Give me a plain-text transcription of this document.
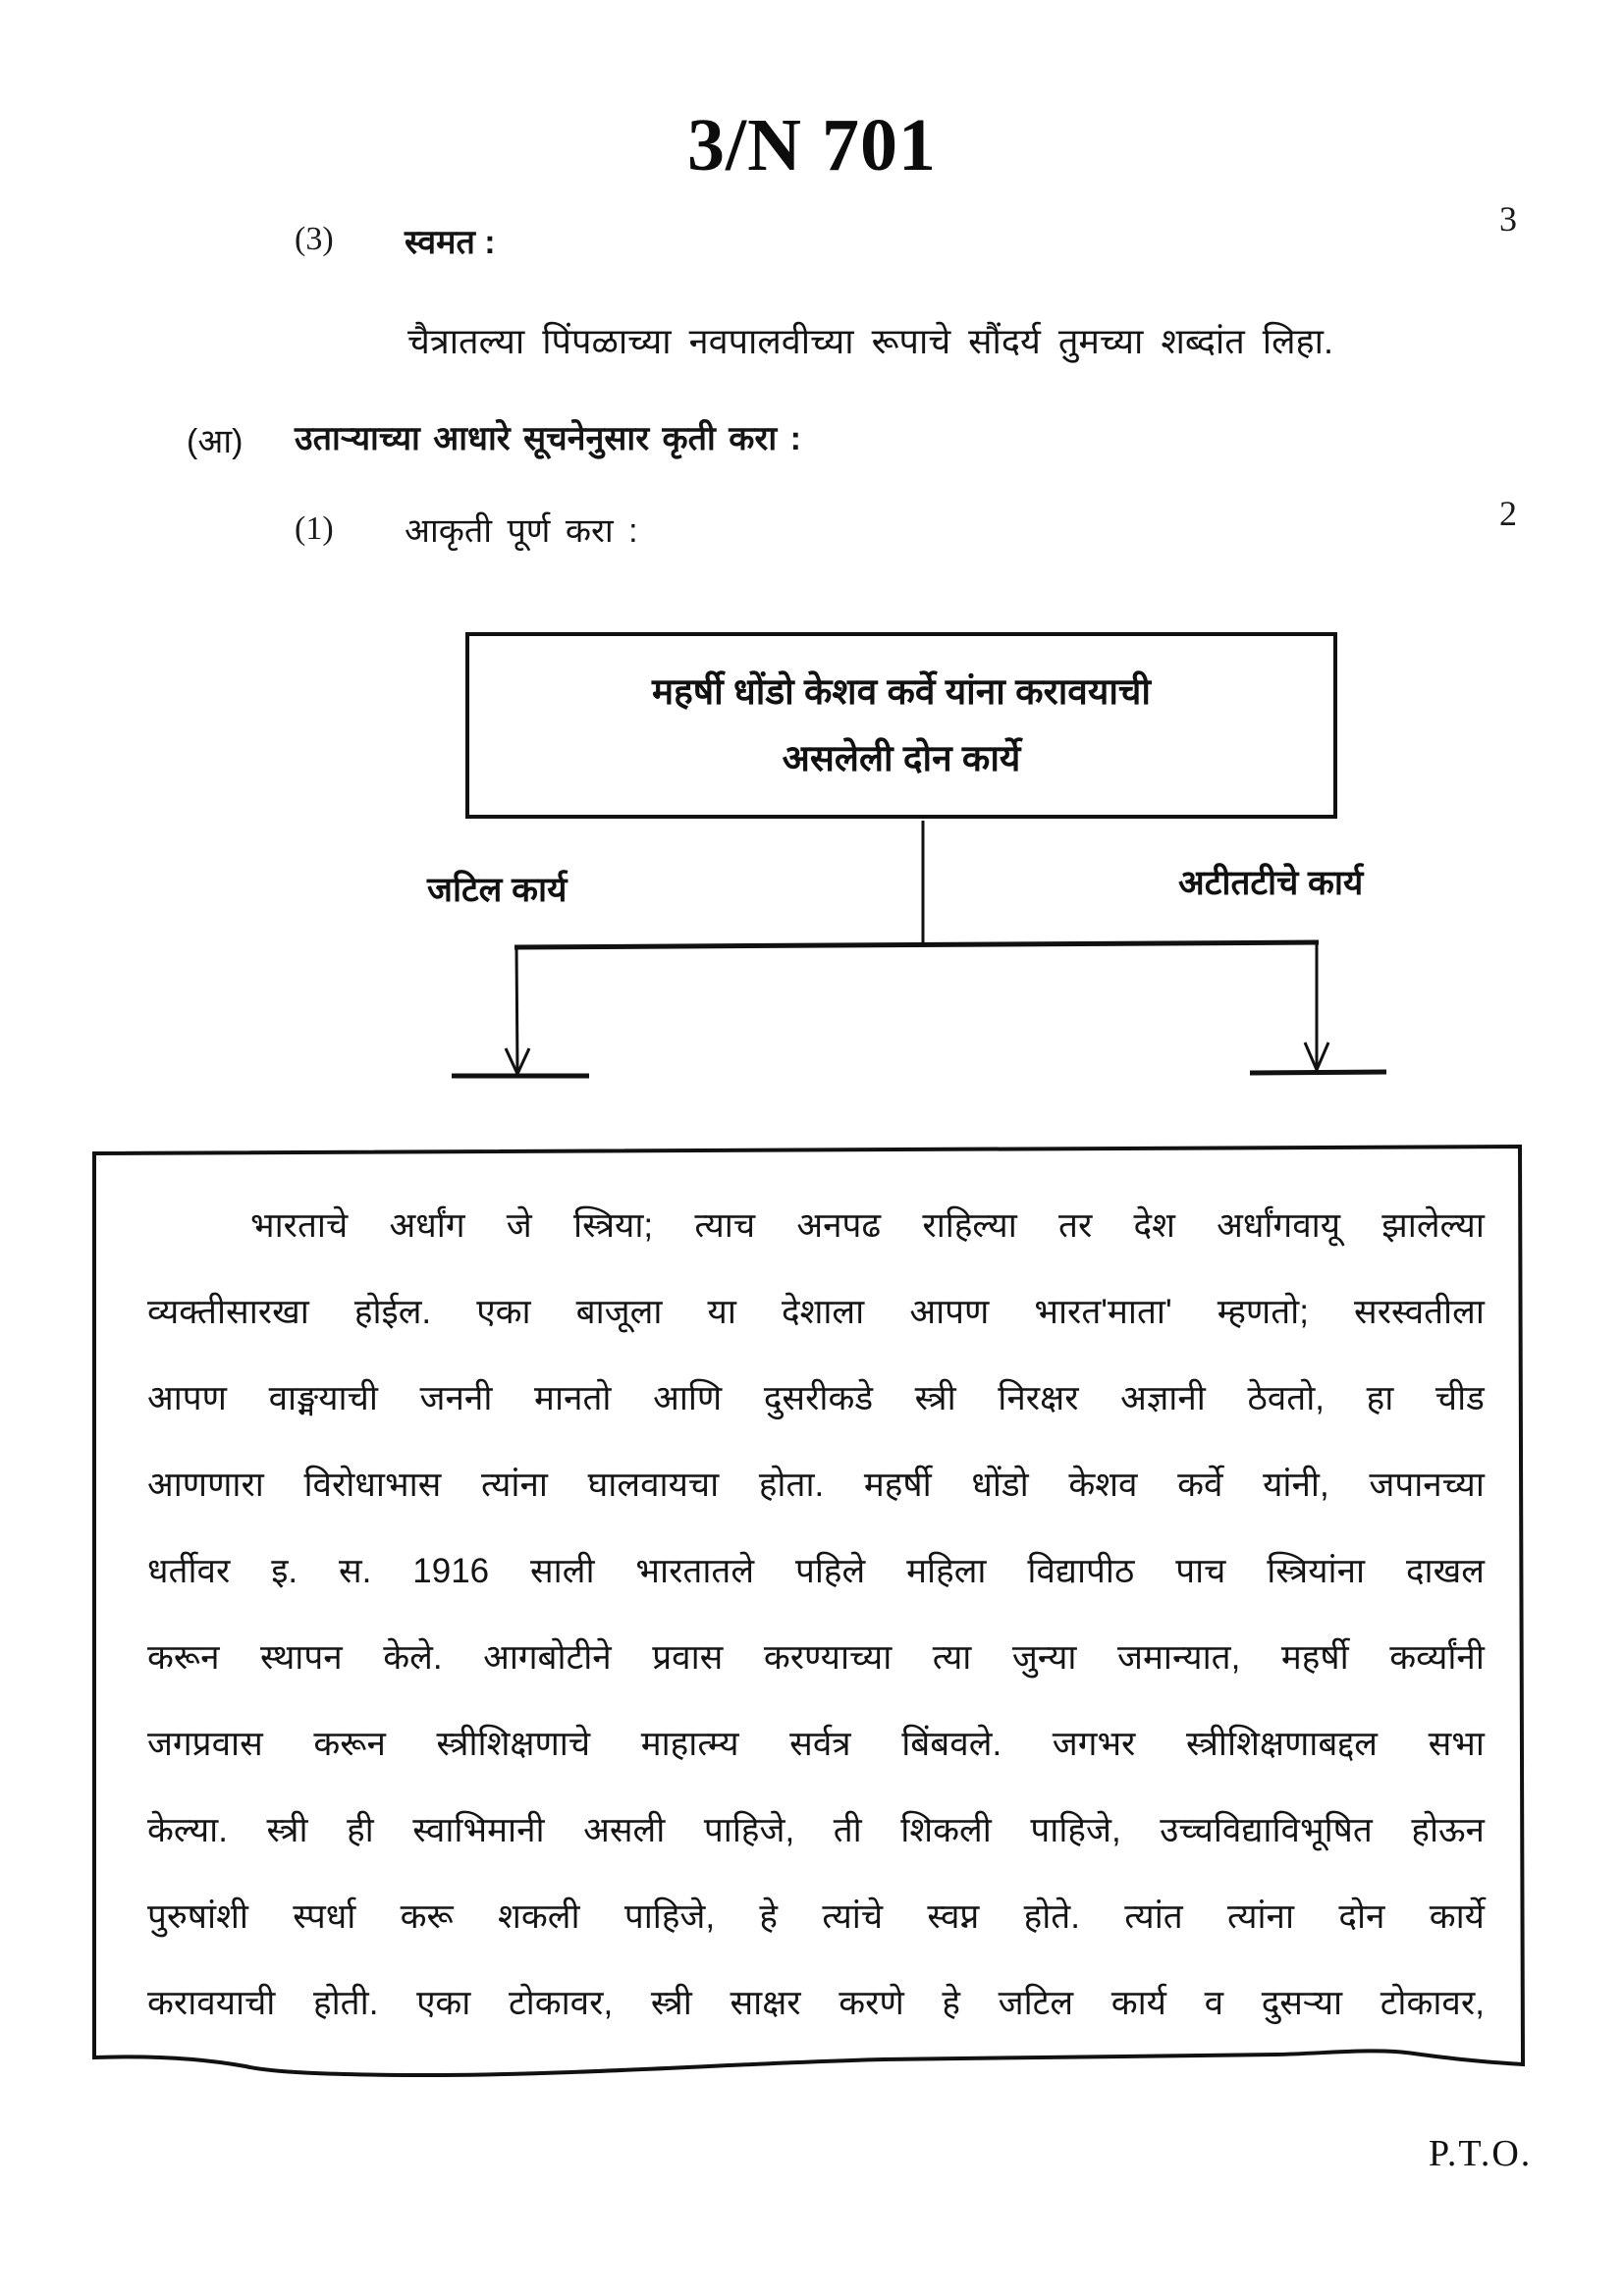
3/N 701
(3) स्वमत :
3
चैत्रातल्या पिंपळाच्या नवपालवीच्या रूपाचे सौंदर्य तुमच्या शब्दांत लिहा.
(आ) उताऱ्याच्या आधारे सूचनेनुसार कृती करा :
(1) आकृती पूर्ण करा :	2
महर्षी धोंडो केशव कर्वे यांना करावयाची
असलेली दोन कार्ये
जटिल कार्य	अटीतटीचे कार्य
भारताचे अर्धांग जे स्त्रिया; त्याच अनपढ राहिल्या तर देश अर्धांगवायू झालेल्या
व्यक्तीसारखा होईल. एका बाजूला या देशाला आपण भारत'माता' म्हणतो; सरस्वतीला
आपण वाङ्मयाची जननी मानतो आणि दुसरीकडे स्त्री निरक्षर अज्ञानी ठेवतो, हा चीड
आणणारा विरोधाभास त्यांना घालवायचा होता. महर्षी धोंडो केशव कर्वे यांनी, जपानच्या
धर्तीवर इ. स. 1916 साली भारतातले पहिले महिला विद्यापीठ पाच स्त्रियांना दाखल
करून स्थापन केले. आगबोटीने प्रवास करण्याच्या त्या जुन्या जमान्यात, महर्षी कर्व्यांनी
जगप्रवास करून स्त्रीशिक्षणाचे माहात्म्य सर्वत्र बिंबवले. जगभर स्त्रीशिक्षणाबद्दल सभा
केल्या. स्त्री ही स्वाभिमानी असली पाहिजे, ती शिकली पाहिजे, उच्चविद्याविभूषित होऊन
पुरुषांशी स्पर्धा करू शकली पाहिजे, हे त्यांचे स्वप्न होते. त्यांत त्यांना दोन कार्ये
करावयाची होती. एका टोकावर, स्त्री साक्षर करणे हे जटिल कार्य व दुसऱ्या टोकावर,
P.T.O.
